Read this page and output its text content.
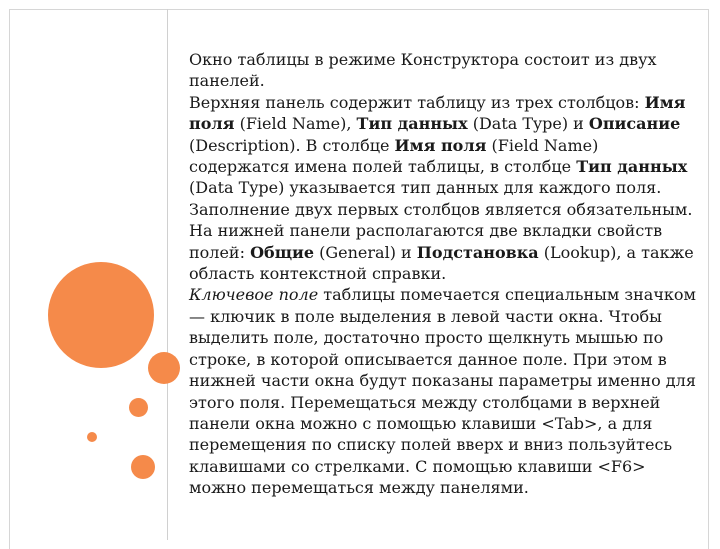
Окно таблицы в режиме Конструктора состоит из двух панелей.

Верхняя панель содержит таблицу из трех столбцов: Имя поля (Field Name), Тип данных (Data Type) и Описание (Description). В столбце Имя поля (Field Name) содержатся имена полей таблицы, в столбце Тип данных (Data Type) указывается тип данных для каждого поля. Заполнение двух первых столбцов является обязательным.

На нижней панели располагаются две вкладки свойств полей: Общие (General) и Подстановка (Lookup), а также область контекстной справки.

Ключевое поле таблицы помечается специальным значком — ключик в поле выделения в левой части окна. Чтобы выделить поле, достаточно просто щелкнуть мышью по строке, в которой описывается данное поле. При этом в нижней части окна будут показаны параметры именно для этого поля. Перемещаться между столбцами в верхней панели окна можно с помощью клавиши <Tab>, а для перемещения по списку полей вверх и вниз пользуйтесь клавишами со стрелками. С помощью клавиши <F6> можно перемещаться между панелями.
